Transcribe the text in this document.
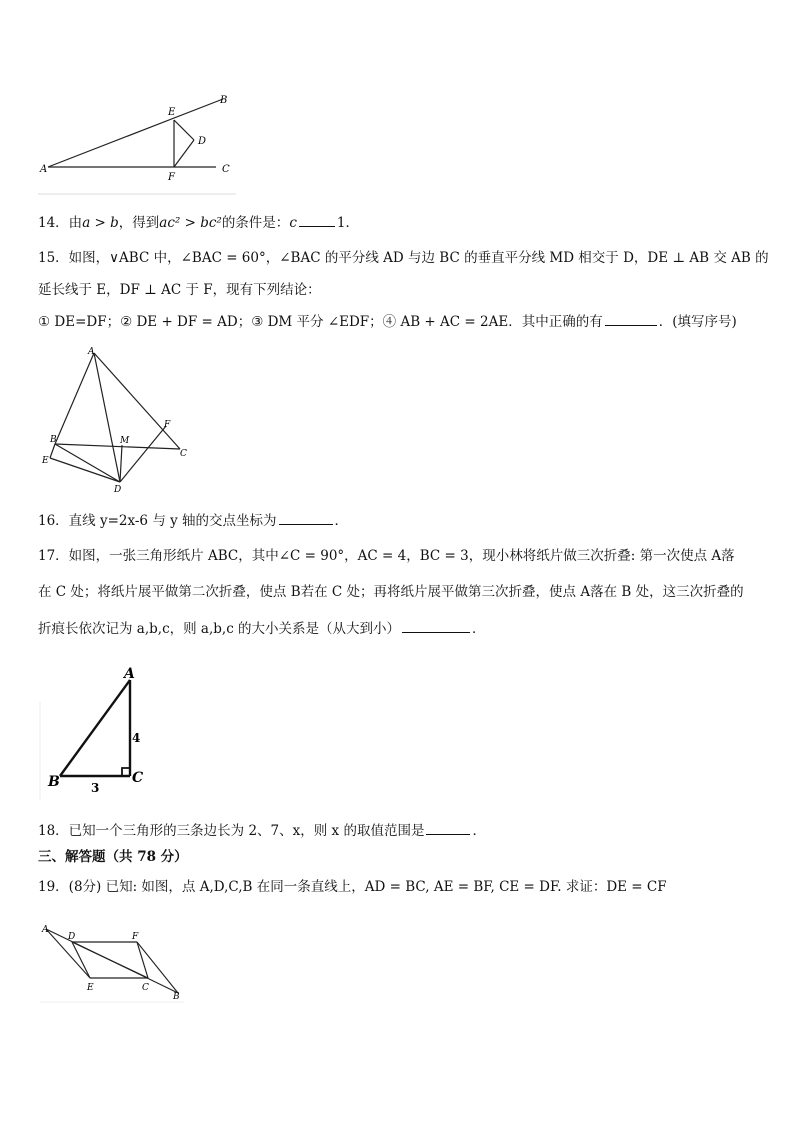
E
B
D
A
F
C
14．由a > b，得到ac² > bc²的条件是：c	1．
15．如图，∨ABC 中，∠BAC = 60°，∠BAC 的平分线 AD 与边 BC 的垂直平分线 MD 相交于 D，DE ⊥ AB 交 AB 的
延长线于 E，DF ⊥ AC 于 F，现有下列结论：
① DE=DF；② DE + DF = AD；③ DM 平分 ∠EDF；④ AB + AC = 2AE．其中正确的有	．(填写序号)
A
B	M
F
E
C
D
16．直线 y=2x-6 与 y 轴的交点坐标为	．
17．如图，一张三角形纸片 ABC，其中∠C = 90°，AC = 4，BC = 3，现小林将纸片做三次折叠: 第一次使点 A落
在 C 处；将纸片展平做第二次折叠，使点 B若在 C 处；再将纸片展平做第三次折叠，使点 A落在 B 处，这三次折叠的
折痕长依次记为 a,b,c，则 a,b,c 的大小关系是（从大到小）	．
A
B	C
4
3
18．已知一个三角形的三条边长为 2、7、x，则 x 的取值范围是	．
三、解答题（共 78 分）
19．(8分) 已知: 如图，点 A,D,C,B 在同一条直线上，AD = BC, AE = BF, CE = DF. 求证：DE = CF
A
D	F
E	C
B
